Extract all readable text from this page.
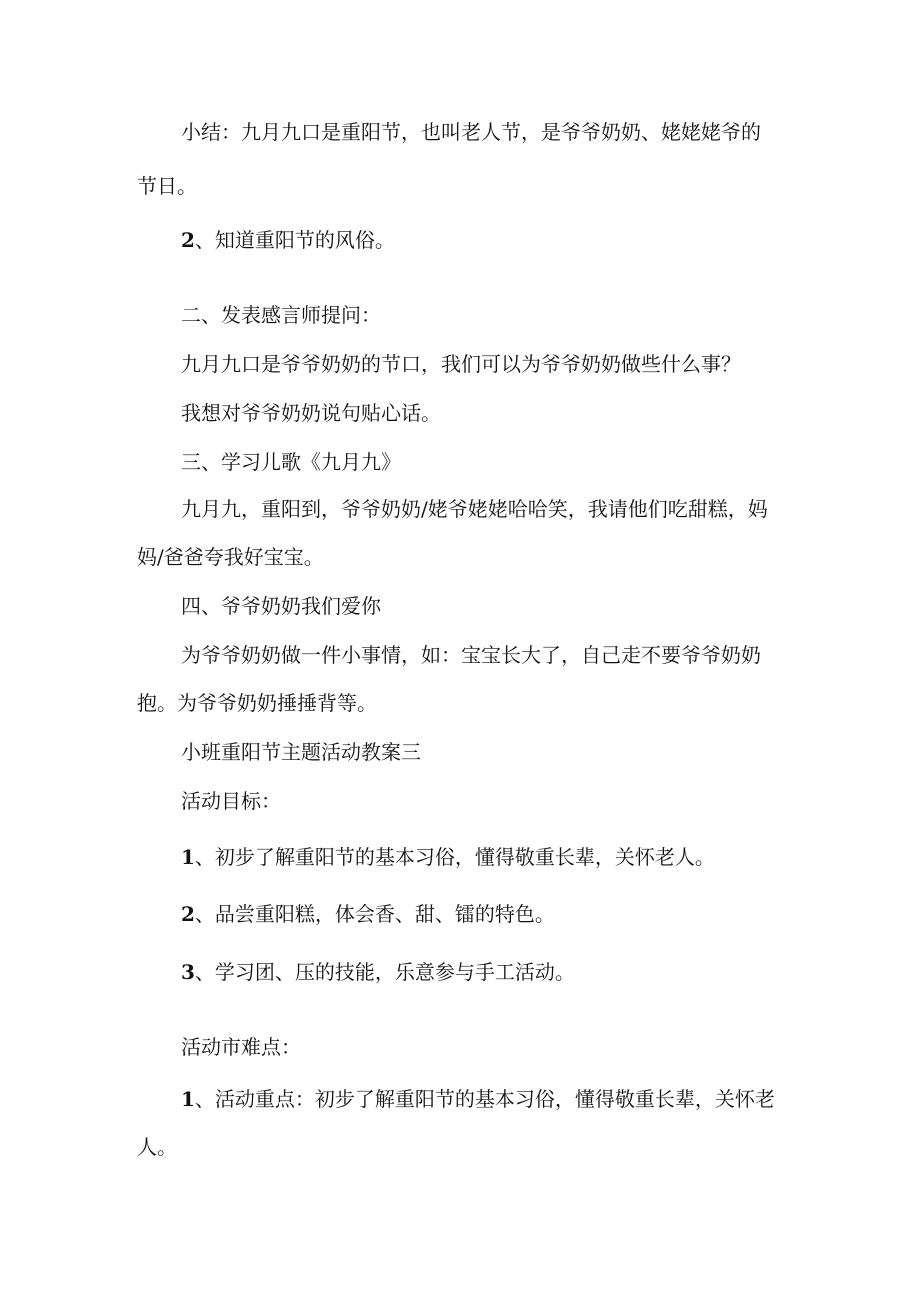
小结：九月九口是重阳节，也叫老人节，是爷爷奶奶、姥姥姥爷的
节日。
2、知道重阳节的风俗。
二、发表感言师提问：
九月九口是爷爷奶奶的节口，我们可以为爷爷奶奶做些什么事？
我想对爷爷奶奶说句贴心话。
三、学习儿歌《九月九》
九月九，重阳到，爷爷奶奶/姥爷姥姥哈哈笑，我请他们吃甜糕，妈
妈/爸爸夸我好宝宝。
四、爷爷奶奶我们爱你
为爷爷奶奶做一件小事情，如：宝宝长大了，自己走不要爷爷奶奶
抱。为爷爷奶奶捶捶背等。
小班重阳节主题活动教案三
活动目标：
1、初步了解重阳节的基本习俗，懂得敬重长辈，关怀老人。
2、品尝重阳糕，体会香、甜、镭的特色。
3、学习团、压的技能，乐意参与手工活动。
活动市难点：
1、活动重点：初步了解重阳节的基本习俗，懂得敬重长辈，关怀老
人。
